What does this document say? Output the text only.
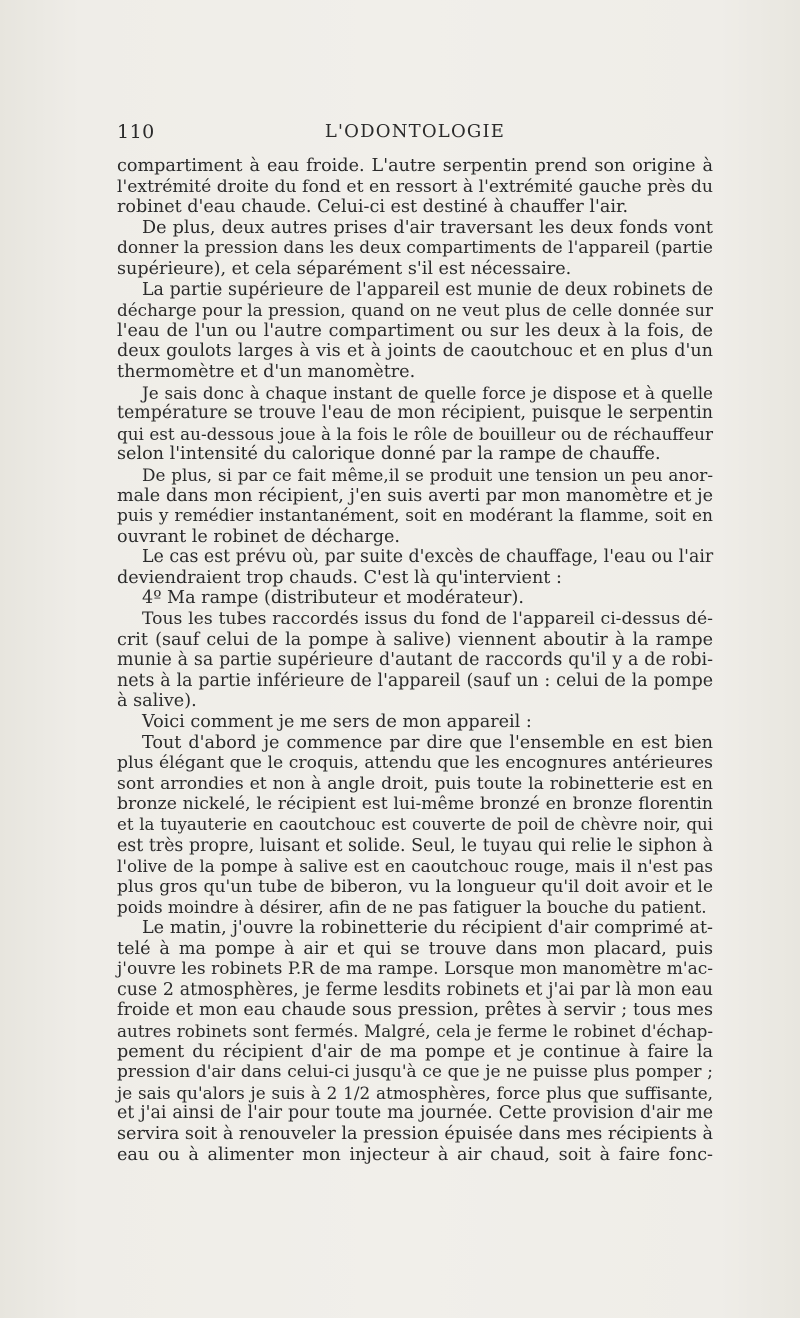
110	L'ODONTOLOGIE
compartiment à eau froide. L'autre serpentin prend son origine à
l'extrémité droite du fond et en ressort à l'extrémité gauche près du
robinet d'eau chaude. Celui-ci est destiné à chauffer l'air.
De plus, deux autres prises d'air traversant les deux fonds vont
donner la pression dans les deux compartiments de l'appareil (partie
supérieure), et cela séparément s'il est nécessaire.
La partie supérieure de l'appareil est munie de deux robinets de
décharge pour la pression, quand on ne veut plus de celle donnée sur
l'eau de l'un ou l'autre compartiment ou sur les deux à la fois, de
deux goulots larges à vis et à joints de caoutchouc et en plus d'un
thermomètre et d'un manomètre.
Je sais donc à chaque instant de quelle force je dispose et à quelle
température se trouve l'eau de mon récipient, puisque le serpentin
qui est au-dessous joue à la fois le rôle de bouilleur ou de réchauffeur
selon l'intensité du calorique donné par la rampe de chauffe.
De plus, si par ce fait même,il se produit une tension un peu anor-
male dans mon récipient, j'en suis averti par mon manomètre et je
puis y remédier instantanément, soit en modérant la flamme, soit en
ouvrant le robinet de décharge.
Le cas est prévu où, par suite d'excès de chauffage, l'eau ou l'air
deviendraient trop chauds. C'est là qu'intervient :
4º Ma rampe (distributeur et modérateur).
Tous les tubes raccordés issus du fond de l'appareil ci-dessus dé-
crit (sauf celui de la pompe à salive) viennent aboutir à la rampe
munie à sa partie supérieure d'autant de raccords qu'il y a de robi-
nets à la partie inférieure de l'appareil (sauf un : celui de la pompe
à salive).
Voici comment je me sers de mon appareil :
Tout d'abord je commence par dire que l'ensemble en est bien
plus élégant que le croquis, attendu que les encognures antérieures
sont arrondies et non à angle droit, puis toute la robinetterie est en
bronze nickelé, le récipient est lui-même bronzé en bronze florentin
et la tuyauterie en caoutchouc est couverte de poil de chèvre noir, qui
est très propre, luisant et solide. Seul, le tuyau qui relie le siphon à
l'olive de la pompe à salive est en caoutchouc rouge, mais il n'est pas
plus gros qu'un tube de biberon, vu la longueur qu'il doit avoir et le
poids moindre à désirer, afin de ne pas fatiguer la bouche du patient.
Le matin, j'ouvre la robinetterie du récipient d'air comprimé at-
telé à ma pompe à air et qui se trouve dans mon placard, puis
j'ouvre les robinets P.R de ma rampe. Lorsque mon manomètre m'ac-
cuse 2 atmosphères, je ferme lesdits robinets et j'ai par là mon eau
froide et mon eau chaude sous pression, prêtes à servir ; tous mes
autres robinets sont fermés. Malgré, cela je ferme le robinet d'échap-
pement du récipient d'air de ma pompe et je continue à faire la
pression d'air dans celui-ci jusqu'à ce que je ne puisse plus pomper ;
je sais qu'alors je suis à 2 1/2 atmosphères, force plus que suffisante,
et j'ai ainsi de l'air pour toute ma journée. Cette provision d'air me
servira soit à renouveler la pression épuisée dans mes récipients à
eau ou à alimenter mon injecteur à air chaud, soit à faire fonc-
